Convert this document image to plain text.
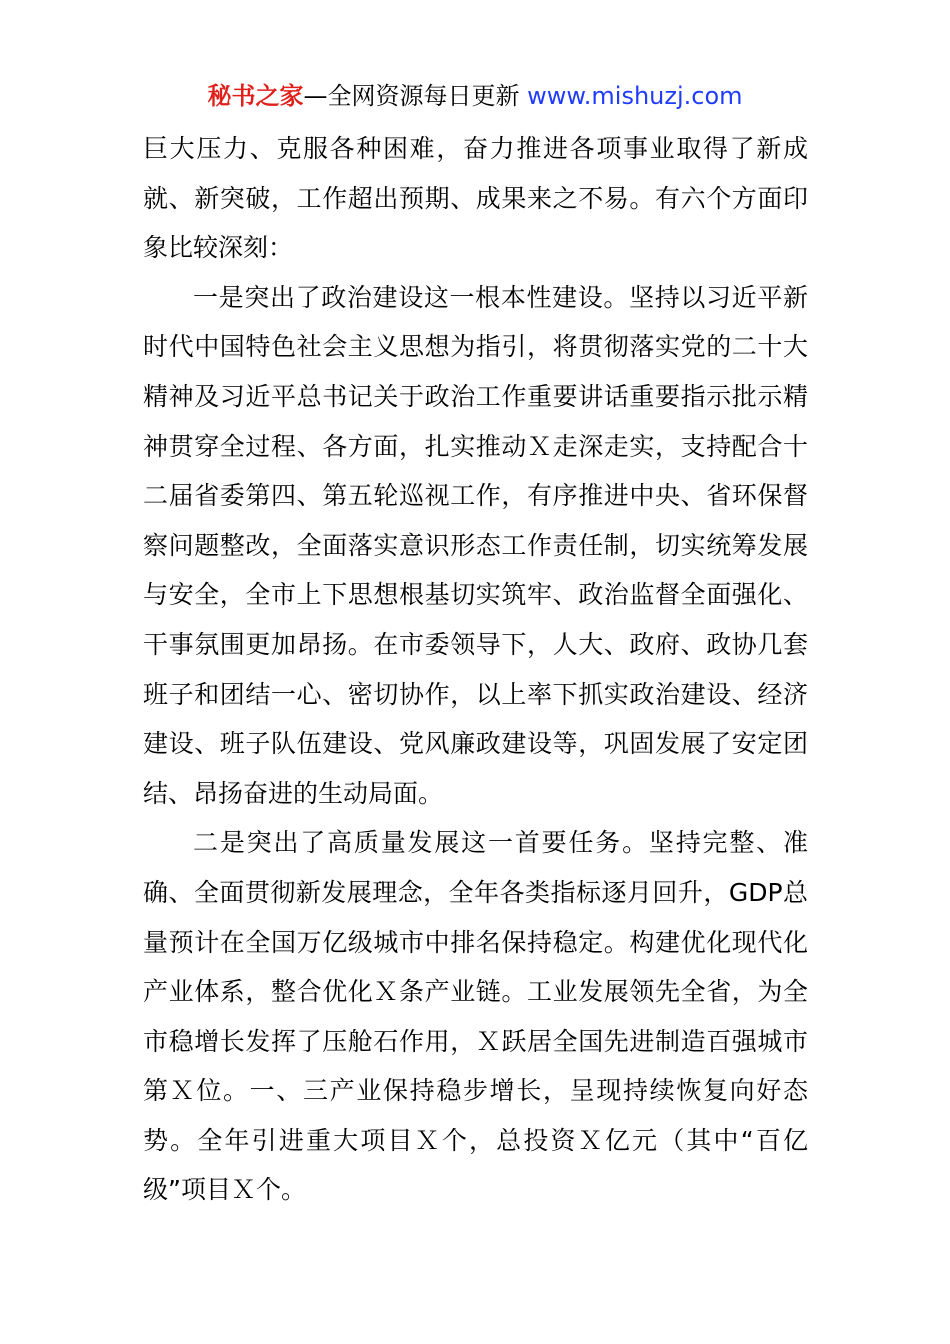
秘书之家—全网资源每日更新 www.mishuzj.com

巨大压力、克服各种困难，奋力推进各项事业取得了新成就、新突破，工作超出预期、成果来之不易。有六个方面印象比较深刻：

一是突出了政治建设这一根本性建设。坚持以习近平新时代中国特色社会主义思想为指引，将贯彻落实党的二十大精神及习近平总书记关于政治工作重要讲话重要指示批示精神贯穿全过程、各方面，扎实推动Ｘ走深走实，支持配合十二届省委第四、第五轮巡视工作，有序推进中央、省环保督察问题整改，全面落实意识形态工作责任制，切实统筹发展与安全，全市上下思想根基切实筑牢、政治监督全面强化、干事氛围更加昂扬。在市委领导下，人大、政府、政协几套班子和团结一心、密切协作，以上率下抓实政治建设、经济建设、班子队伍建设、党风廉政建设等，巩固发展了安定团结、昂扬奋进的生动局面。

二是突出了高质量发展这一首要任务。坚持完整、准确、全面贯彻新发展理念，全年各类指标逐月回升，GDP总量预计在全国万亿级城市中排名保持稳定。构建优化现代化产业体系，整合优化Ｘ条产业链。工业发展领先全省，为全市稳增长发挥了压舱石作用，Ｘ跃居全国先进制造百强城市第Ｘ位。一、三产业保持稳步增长，呈现持续恢复向好态势。全年引进重大项目Ｘ个，总投资Ｘ亿元（其中“百亿级”项目Ｘ个。
